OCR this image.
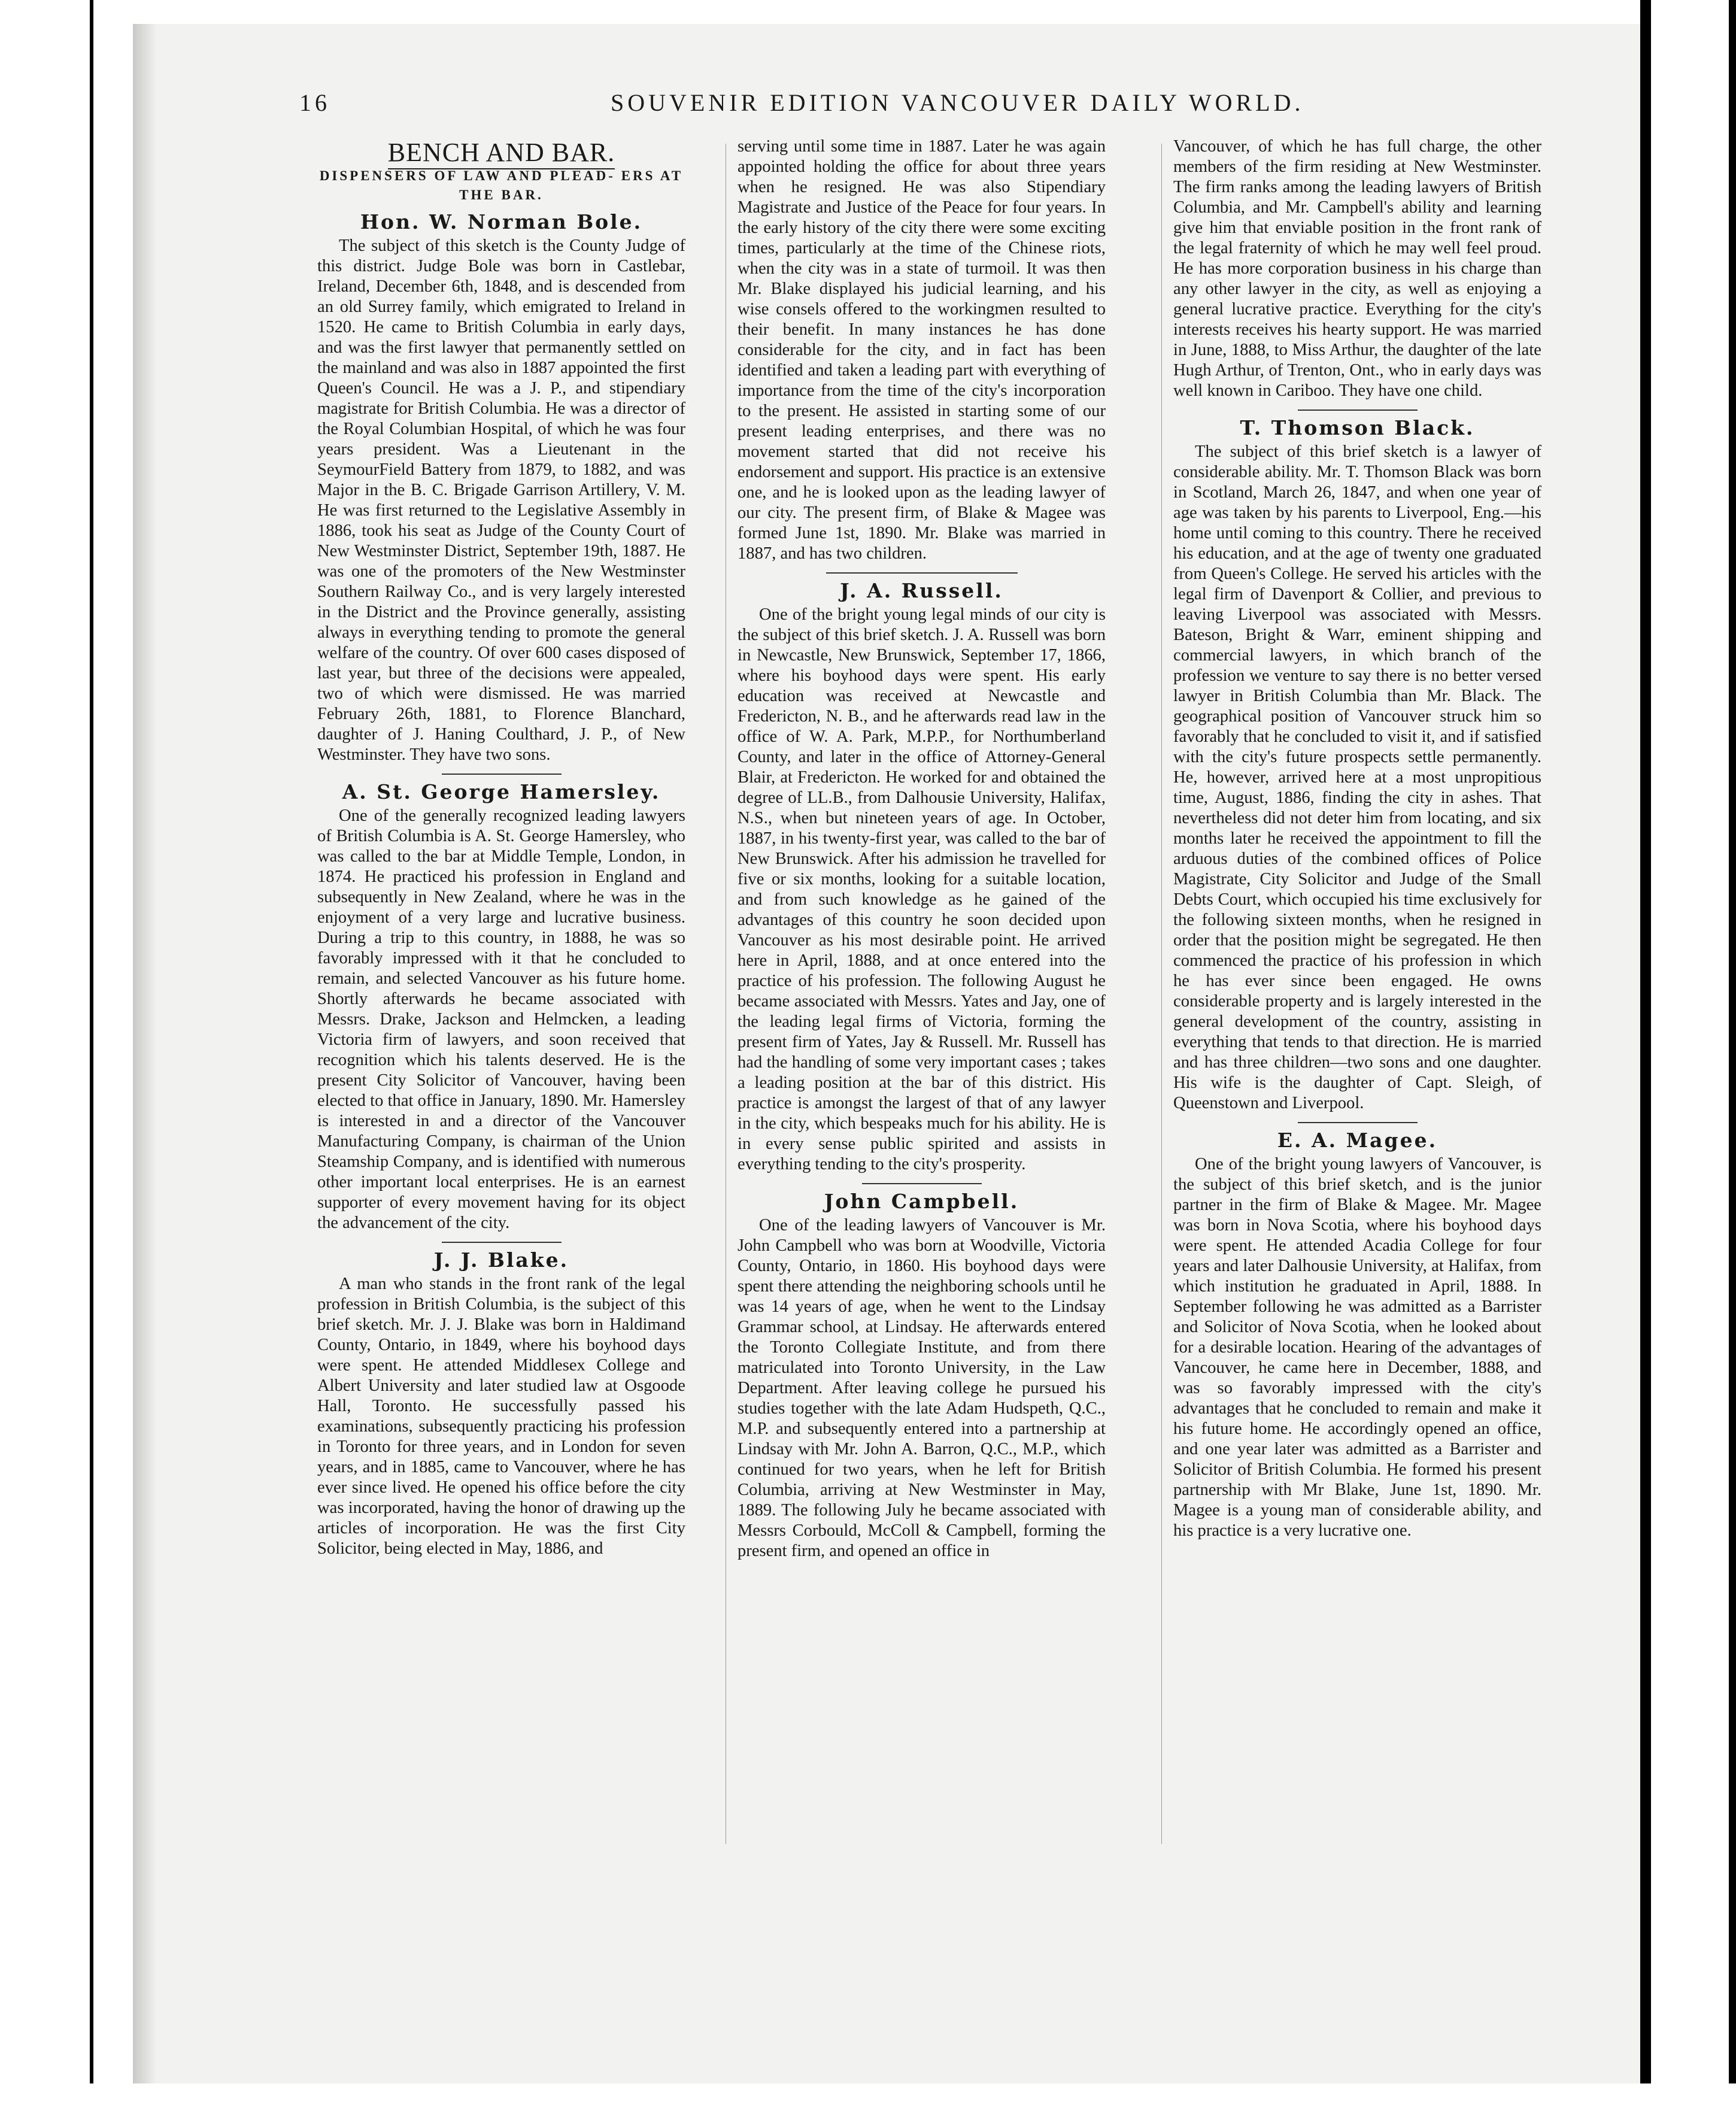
16	SOUVENIR EDITION VANCOUVER DAILY WORLD.
BENCH AND BAR.
DISPENSERS OF LAW AND PLEAD- ERS AT THE BAR.
Hon. W. Norman Bole.

The subject of this sketch is the County Judge of this district. Judge Bole was born in Castlebar, Ireland, December 6th, 1848, and is descended from an old Surrey family, which emigrated to Ireland in 1520. He came to British Columbia in early days, and was the first lawyer that permanently settled on the mainland and was also in 1887 appointed the first Queen's Council. He was a J. P., and stipendiary magistrate for British Columbia. He was a director of the Royal Columbian Hospital, of which he was four years president. Was a Lieutenant in the SeymourField Battery from 1879, to 1882, and was Major in the B. C. Brigade Garrison Artillery, V. M. He was first returned to the Legislative Assembly in 1886, took his seat as Judge of the County Court of New Westminster District, September 19th, 1887. He was one of the promoters of the New Westminster Southern Railway Co., and is very largely interested in the District and the Province generally, assisting always in everything tending to promote the general welfare of the country. Of over 600 cases disposed of last year, but three of the decisions were appealed, two of which were dismissed. He was married February 26th, 1881, to Florence Blanchard, daughter of J. Haning Coulthard, J. P., of New Westminster. They have two sons.

A. St. George Hamersley.

One of the generally recognized leading lawyers of British Columbia is A. St. George Hamersley, who was called to the bar at Middle Temple, London, in 1874. He practiced his profession in England and subsequently in New Zealand, where he was in the enjoyment of a very large and lucrative business. During a trip to this country, in 1888, he was so favorably impressed with it that he concluded to remain, and selected Vancouver as his future home. Shortly afterwards he became associated with Messrs. Drake, Jackson and Helmcken, a leading Victoria firm of lawyers, and soon received that recognition which his talents deserved. He is the present City Solicitor of Vancouver, having been elected to that office in January, 1890. Mr. Hamersley is interested in and a director of the Vancouver Manufacturing Company, is chairman of the Union Steamship Company, and is identified with numerous other important local enterprises. He is an earnest supporter of every movement having for its object the advancement of the city.

J. J. Blake.

A man who stands in the front rank of the legal profession in British Columbia, is the subject of this brief sketch. Mr. J. J. Blake was born in Haldimand County, Ontario, in 1849, where his boyhood days were spent. He attended Middlesex College and Albert University and later studied law at Osgoode Hall, Toronto. He successfully passed his examinations, subsequently practicing his profession in Toronto for three years, and in London for seven years, and in 1885, came to Vancouver, where he has ever since lived. He opened his office before the city was incorporated, having the honor of drawing up the articles of incorporation. He was the first City Solicitor, being elected in May, 1886, and

serving until some time in 1887. Later he was again appointed holding the office for about three years when he resigned. He was also Stipendiary Magistrate and Justice of the Peace for four years. In the early history of the city there were some exciting times, particularly at the time of the Chinese riots, when the city was in a state of turmoil. It was then Mr. Blake displayed his judicial learning, and his wise consels offered to the workingmen resulted to their benefit. In many instances he has done considerable for the city, and in fact has been identified and taken a leading part with everything of importance from the time of the city's incorporation to the present. He assisted in starting some of our present leading enterprises, and there was no movement started that did not receive his endorsement and support. His practice is an extensive one, and he is looked upon as the leading lawyer of our city. The present firm, of Blake & Magee was formed June 1st, 1890. Mr. Blake was married in 1887, and has two children.

J. A. Russell.

One of the bright young legal minds of our city is the subject of this brief sketch. J. A. Russell was born in Newcastle, New Brunswick, September 17, 1866, where his boyhood days were spent. His early education was received at Newcastle and Fredericton, N. B., and he afterwards read law in the office of W. A. Park, M.P.P., for Northumberland County, and later in the office of Attorney-General Blair, at Fredericton. He worked for and obtained the degree of LL.B., from Dalhousie University, Halifax, N.S., when but nineteen years of age. In October, 1887, in his twenty-first year, was called to the bar of New Brunswick. After his admission he travelled for five or six months, looking for a suitable location, and from such knowledge as he gained of the advantages of this country he soon decided upon Vancouver as his most desirable point. He arrived here in April, 1888, and at once entered into the practice of his profession. The following August he became associated with Messrs. Yates and Jay, one of the leading legal firms of Victoria, forming the present firm of Yates, Jay & Russell. Mr. Russell has had the handling of some very important cases ; takes a leading position at the bar of this district. His practice is amongst the largest of that of any lawyer in the city, which bespeaks much for his ability. He is in every sense public spirited and assists in everything tending to the city's prosperity.

John Campbell.

One of the leading lawyers of Vancouver is Mr. John Campbell who was born at Woodville, Victoria County, Ontario, in 1860. His boyhood days were spent there attending the neighboring schools until he was 14 years of age, when he went to the Lindsay Grammar school, at Lindsay. He afterwards entered the Toronto Collegiate Institute, and from there matriculated into Toronto University, in the Law Department. After leaving college he pursued his studies together with the late Adam Hudspeth, Q.C., M.P. and subsequently entered into a partnership at Lindsay with Mr. John A. Barron, Q.C., M.P., which continued for two years, when he left for British Columbia, arriving at New Westminster in May, 1889. The following July he became associated with Messrs Corbould, McColl & Campbell, forming the present firm, and opened an office in

Vancouver, of which he has full charge, the other members of the firm residing at New Westminster. The firm ranks among the leading lawyers of British Columbia, and Mr. Campbell's ability and learning give him that enviable position in the front rank of the legal fraternity of which he may well feel proud. He has more corporation business in his charge than any other lawyer in the city, as well as enjoying a general lucrative practice. Everything for the city's interests receives his hearty support. He was married in June, 1888, to Miss Arthur, the daughter of the late Hugh Arthur, of Trenton, Ont., who in early days was well known in Cariboo. They have one child.

T. Thomson Black.

The subject of this brief sketch is a lawyer of considerable ability. Mr. T. Thomson Black was born in Scotland, March 26, 1847, and when one year of age was taken by his parents to Liverpool, Eng.—his home until coming to this country. There he received his education, and at the age of twenty one graduated from Queen's College. He served his articles with the legal firm of Davenport & Collier, and previous to leaving Liverpool was associated with Messrs. Bateson, Bright & Warr, eminent shipping and commercial lawyers, in which branch of the profession we venture to say there is no better versed lawyer in British Columbia than Mr. Black. The geographical position of Vancouver struck him so favorably that he concluded to visit it, and if satisfied with the city's future prospects settle permanently. He, however, arrived here at a most unpropitious time, August, 1886, finding the city in ashes. That nevertheless did not deter him from locating, and six months later he received the appointment to fill the arduous duties of the combined offices of Police Magistrate, City Solicitor and Judge of the Small Debts Court, which occupied his time exclusively for the following sixteen months, when he resigned in order that the position might be segregated. He then commenced the practice of his profession in which he has ever since been engaged. He owns considerable property and is largely interested in the general development of the country, assisting in everything that tends to that direction. He is married and has three children—two sons and one daughter. His wife is the daughter of Capt. Sleigh, of Queenstown and Liverpool.

E. A. Magee.

One of the bright young lawyers of Vancouver, is the subject of this brief sketch, and is the junior partner in the firm of Blake & Magee. Mr. Magee was born in Nova Scotia, where his boyhood days were spent. He attended Acadia College for four years and later Dalhousie University, at Halifax, from which institution he graduated in April, 1888. In September following he was admitted as a Barrister and Solicitor of Nova Scotia, when he looked about for a desirable location. Hearing of the advantages of Vancouver, he came here in December, 1888, and was so favorably impressed with the city's advantages that he concluded to remain and make it his future home. He accordingly opened an office, and one year later was admitted as a Barrister and Solicitor of British Columbia. He formed his present partnership with Mr Blake, June 1st, 1890. Mr. Magee is a young man of considerable ability, and his practice is a very lucrative one.
